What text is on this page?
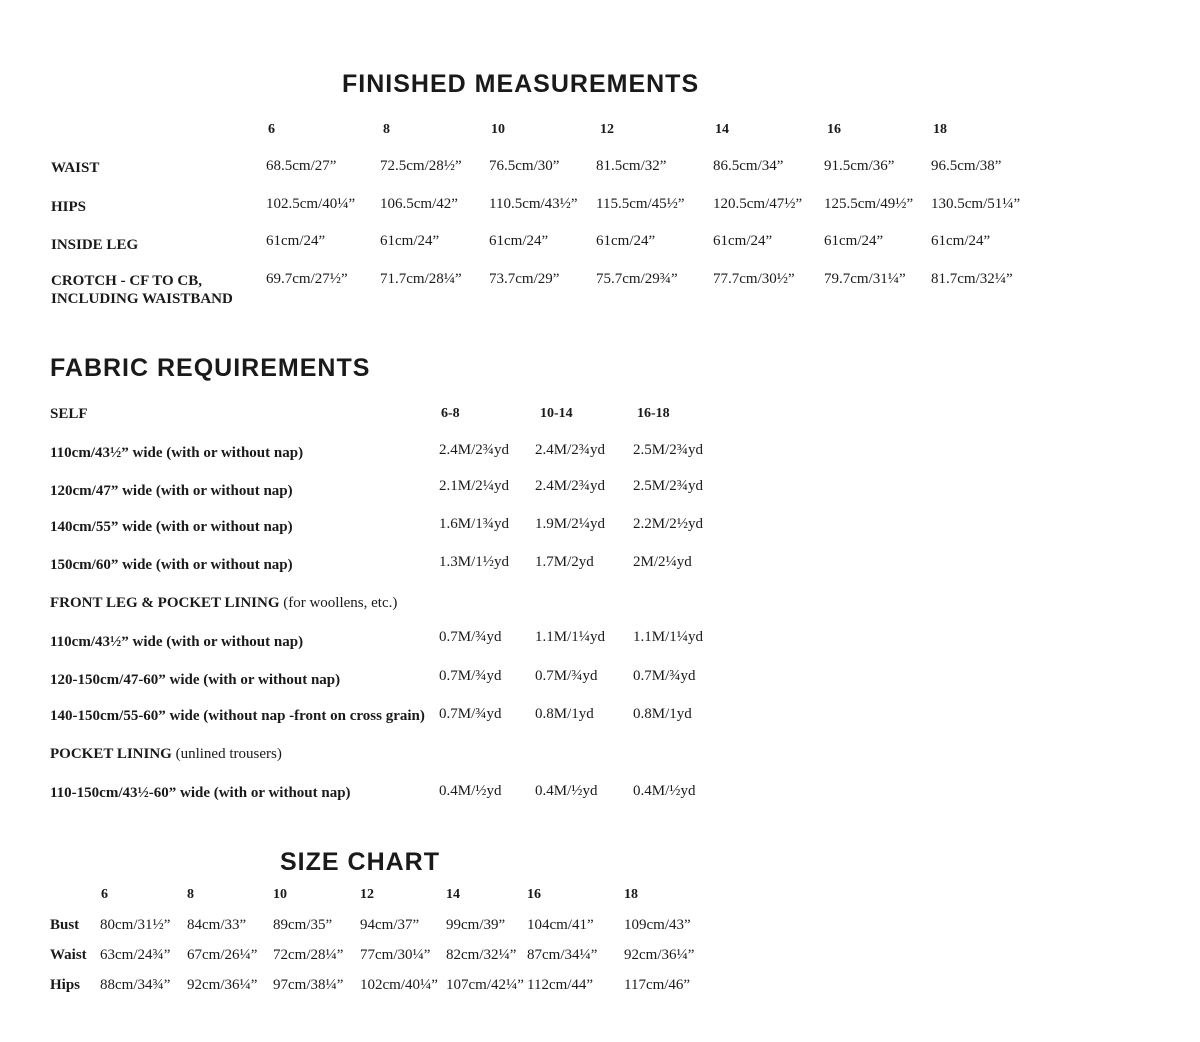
FINISHED MEASUREMENTS
6	8	10	12	14	16	18
WAIST	68.5cm/27”	72.5cm/28½” 76.5cm/30” 81.5cm/32”	86.5cm/34”	91.5cm/36” 96.5cm/38”
HIPS	102.5cm/40¼” 106.5cm/42” 110.5cm/43½” 115.5cm/45½” 120.5cm/47½” 125.5cm/49½” 130.5cm/51¼”
INSIDE LEG	61cm/24”	61cm/24”	61cm/24”	61cm/24”	61cm/24”	61cm/24”	61cm/24”
CROTCH - CF TO CB,
INCLUDING WAISTBAND
69.7cm/27½” 71.7cm/28¼” 73.7cm/29” 75.7cm/29¾” 77.7cm/30½” 79.7cm/31¼” 81.7cm/32¼”
FABRIC REQUIREMENTS
SELF	6-8	10-14	16-18
110cm/43½” wide (with or without nap)	2.4M/2¾yd 2.4M/2¾yd 2.5M/2¾yd
120cm/47” wide (with or without nap)	2.1M/2¼yd 2.4M/2¾yd 2.5M/2¾yd
140cm/55” wide (with or without nap)	1.6M/1¾yd 1.9M/2¼yd 2.2M/2½yd
150cm/60” wide (with or without nap)	1.3M/1½yd 1.7M/2yd	2M/2¼yd
FRONT LEG & POCKET LINING (for woollens, etc.)
110cm/43½” wide (with or without nap)	0.7M/¾yd 1.1M/1¼yd 1.1M/1¼yd
120-150cm/47-60” wide (with or without nap)	0.7M/¾yd 0.7M/¾yd 0.7M/¾yd
140-150cm/55-60” wide (without nap -front on cross grain) 0.7M/¾yd 0.8M/1yd	0.8M/1yd
POCKET LINING (unlined trousers)
110-150cm/43½-60” wide (with or without nap)	0.4M/½yd 0.4M/½yd 0.4M/½yd
SIZE CHART
6	8	10	12	14	16	18
Bust 80cm/31½” 84cm/33” 89cm/35” 94cm/37” 99cm/39” 104cm/41” 109cm/43”
Waist 63cm/24¾” 67cm/26¼” 72cm/28¼” 77cm/30¼” 82cm/32¼” 87cm/34¼” 92cm/36¼”
Hips 88cm/34¾” 92cm/36¼” 97cm/38¼” 102cm/40¼” 107cm/42¼” 112cm/44” 117cm/46”
